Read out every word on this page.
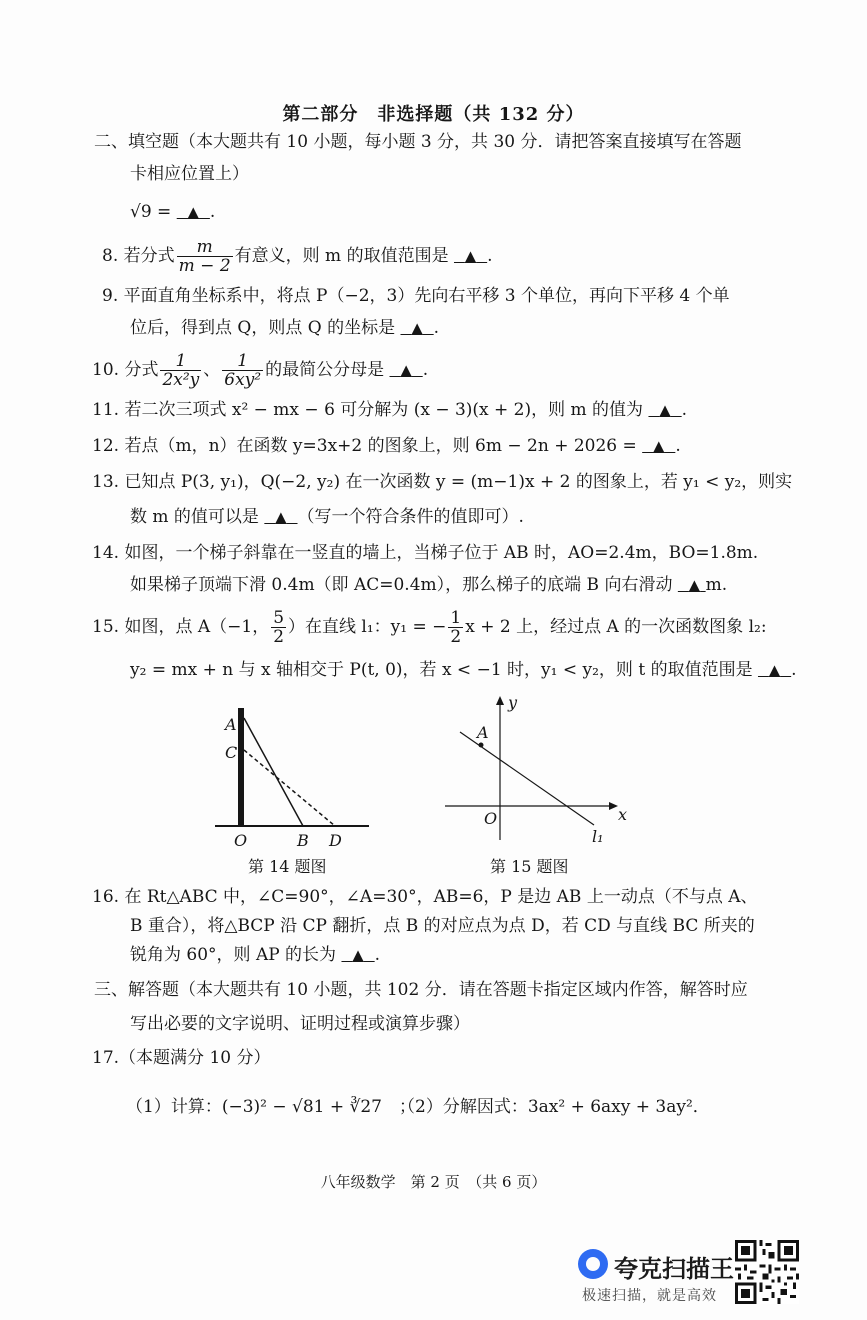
第二部分　非选择题（共 132 分）
二、填空题（本大题共有 10 小题，每小题 3 分，共 30 分．请把答案直接填写在答题
卡相应位置上）
√9 = ▲ .
8. 若分式 $\frac{m}{m - 2}$ 有意义，则 m 的取值范围是 ▲ .
9. 平面直角坐标系中，将点 P（−2，3）先向右平移 3 个单位，再向下平移 4 个单
位后，得到点 Q，则点 Q 的坐标是 ▲ .
10. 分式 $\frac{1}{\text{2x²y}}$ 、 $\frac{1}{\text{6xy²}}$ 的最简公分母是 ▲ .
11. 若二次三项式 x² − mx − 6 可分解为 (x − 3)(x + 2)，则 m 的值为 ▲ .
12. 若点（m，n）在函数 y=3x+2 的图象上，则 6m − 2n + 2026 = ▲ .
13. 已知点 P(3, y₁)，Q(−2, y₂) 在一次函数 y = (m−1)x + 2 的图象上，若 y₁ < y₂，则实
数 m 的值可以是 ▲ （写一个符合条件的值即可）.
14. 如图，一个梯子斜靠在一竖直的墙上，当梯子位于 AB 时，AO=2.4m，BO=1.8m.
如果梯子顶端下滑 0.4m（即 AC=0.4m），那么梯子的底端 B 向右滑动 ▲ m.
15. 如图，点 A（−1， $\frac{5}{2}$ ）在直线 l₁：y₁ = − $\frac{1}{2}$ x + 2 上，经过点 A 的一次函数图象 l₂:
y₂ = mx + n 与 x 轴相交于 P(t, 0)，若 x < −1 时，y₁ < y₂，则 t 的取值范围是 ▲ .
A
C
O	B D
第 14 题图
y
A
O	x
l₁
第 15 题图
16. 在 Rt△ABC 中，∠C=90°，∠A=30°，AB=6，P 是边 AB 上一动点（不与点 A、
B 重合），将△BCP 沿 CP 翻折，点 B 的对应点为点 D，若 CD 与直线 BC 所夹的
锐角为 60°，则 AP 的长为 ▲ .
三、解答题（本大题共有 10 小题，共 102 分．请在答题卡指定区域内作答，解答时应
写出必要的文字说明、证明过程或演算步骤）
17.（本题满分 10 分）
（1）计算：(−3)² − √81 + ∛27　；
（2）分解因式：3ax² + 6axy + 3ay²．
八年级数学　第 2 页　（共 6 页）
夸克扫描王
极速扫描，就是高效
